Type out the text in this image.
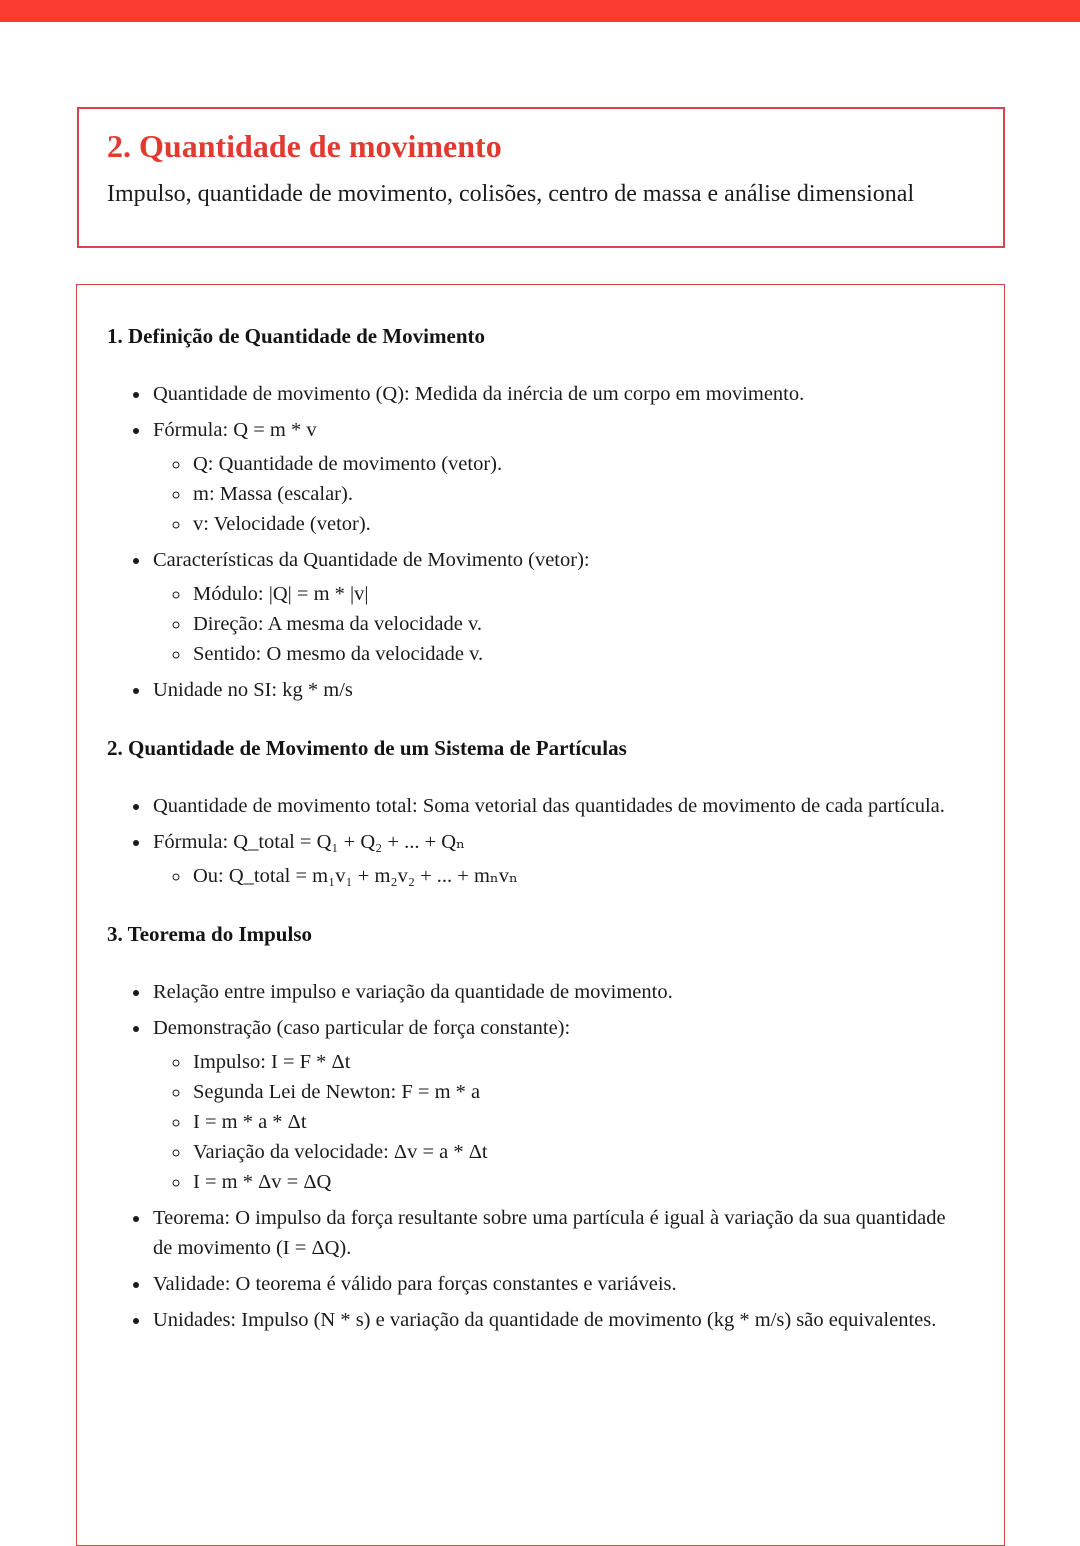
2. Quantidade de movimento
Impulso, quantidade de movimento, colisões, centro de massa e análise dimensional
1. Definição de Quantidade de Movimento
• Quantidade de movimento (Q): Medida da inércia de um corpo em movimento.
• Fórmula: Q = m * v
◦ Q: Quantidade de movimento (vetor).
◦ m: Massa (escalar).
◦ v: Velocidade (vetor).
• Características da Quantidade de Movimento (vetor):
◦ Módulo: |Q| = m * |v|
◦ Direção: A mesma da velocidade v.
◦ Sentido: O mesmo da velocidade v.
• Unidade no SI: kg * m/s
2. Quantidade de Movimento de um Sistema de Partículas
• Quantidade de movimento total: Soma vetorial das quantidades de movimento de cada partícula.
• Fórmula: Q_total = Q₁ + Q₂ + ... + Qₙ
◦ Ou: Q_total = m₁v₁ + m₂v₂ + ... + mₙvₙ
3. Teorema do Impulso
• Relação entre impulso e variação da quantidade de movimento.
• Demonstração (caso particular de força constante):
◦ Impulso: I = F * Δt
◦ Segunda Lei de Newton: F = m * a
◦ I = m * a * Δt
◦ Variação da velocidade: Δv = a * Δt
◦ I = m * Δv = ΔQ
• Teorema: O impulso da força resultante sobre uma partícula é igual à variação da sua quantidade de movimento (I = ΔQ).
• Validade: O teorema é válido para forças constantes e variáveis.
• Unidades: Impulso (N * s) e variação da quantidade de movimento (kg * m/s) são equivalentes.
